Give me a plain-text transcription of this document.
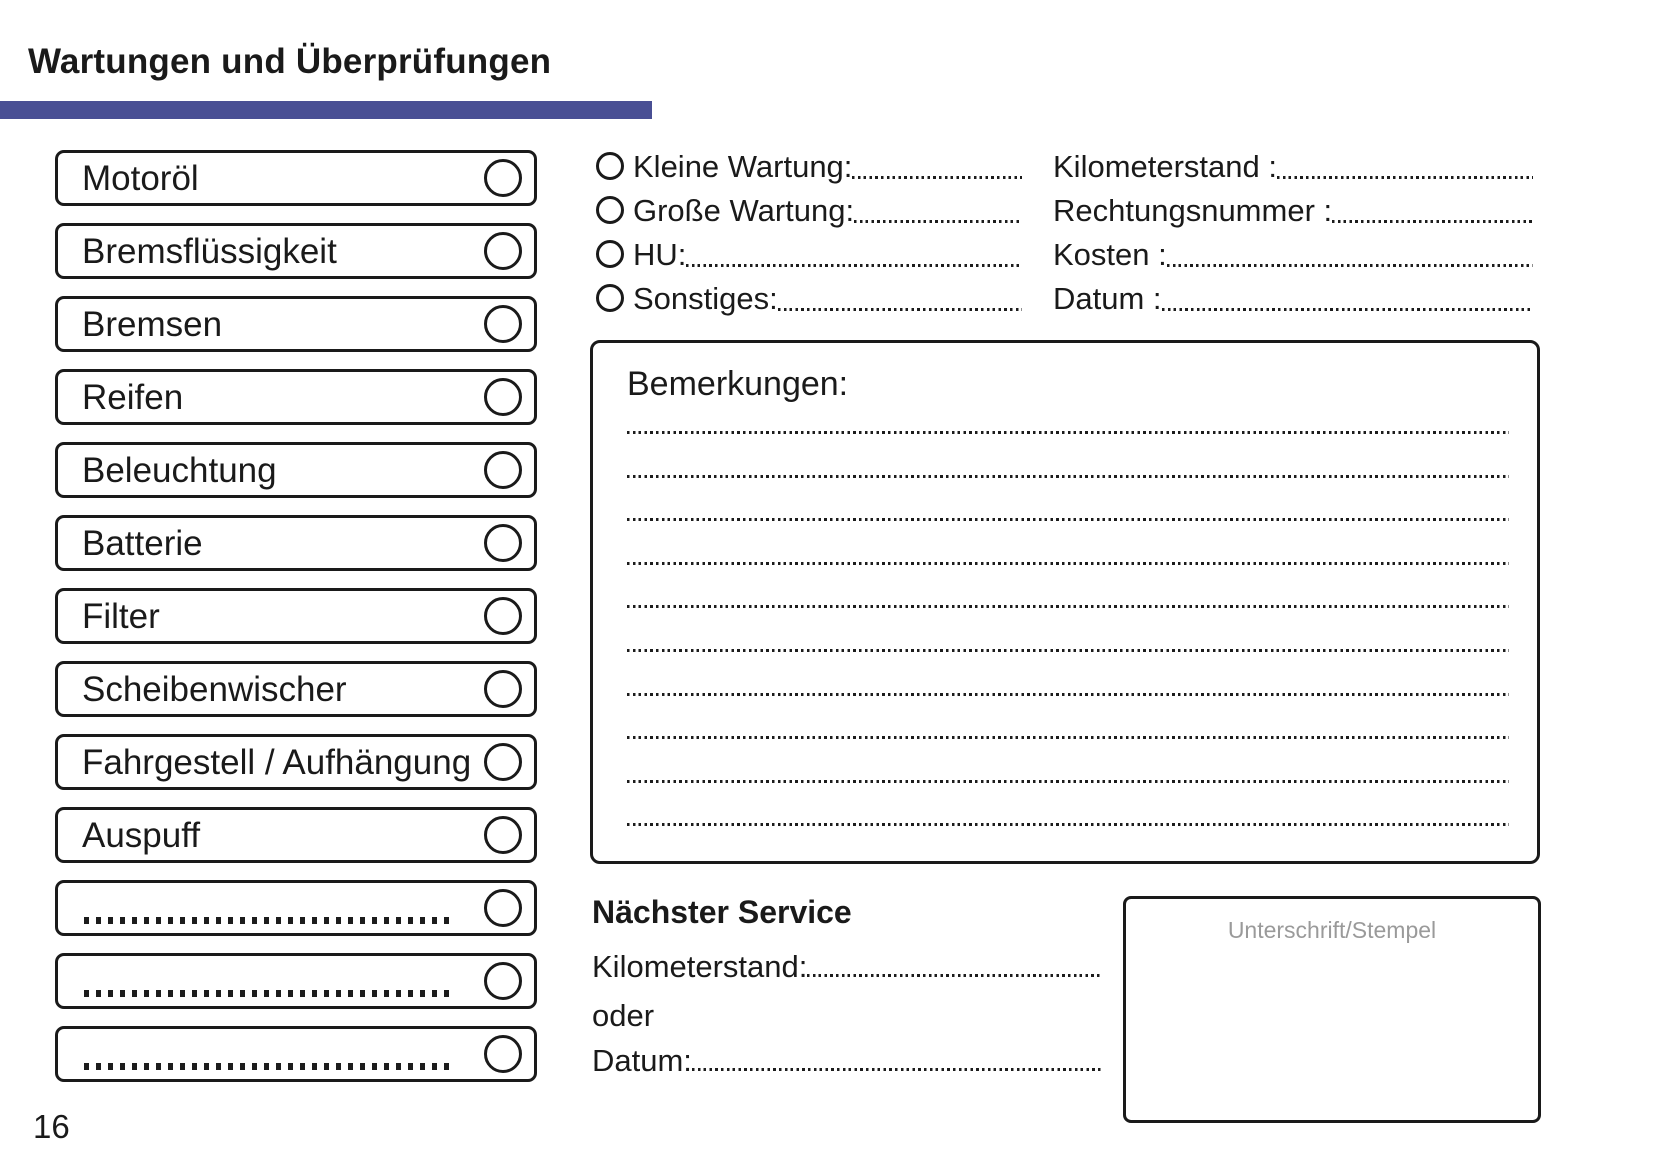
Wartungen und Überprüfungen
Motoröl
Bremsflüssigkeit
Bremsen
Reifen
Beleuchtung
Batterie
Filter
Scheibenwischer
Fahrgestell / Aufhängung
Auspuff
Kleine Wartung:
Große Wartung:
HU:
Sonstiges:
Kilometerstand :
Rechtungsnummer :
Kosten :
Datum :
Bemerkungen:
Nächster Service
Kilometerstand:
oder
Datum:
Unterschrift/Stempel
16
